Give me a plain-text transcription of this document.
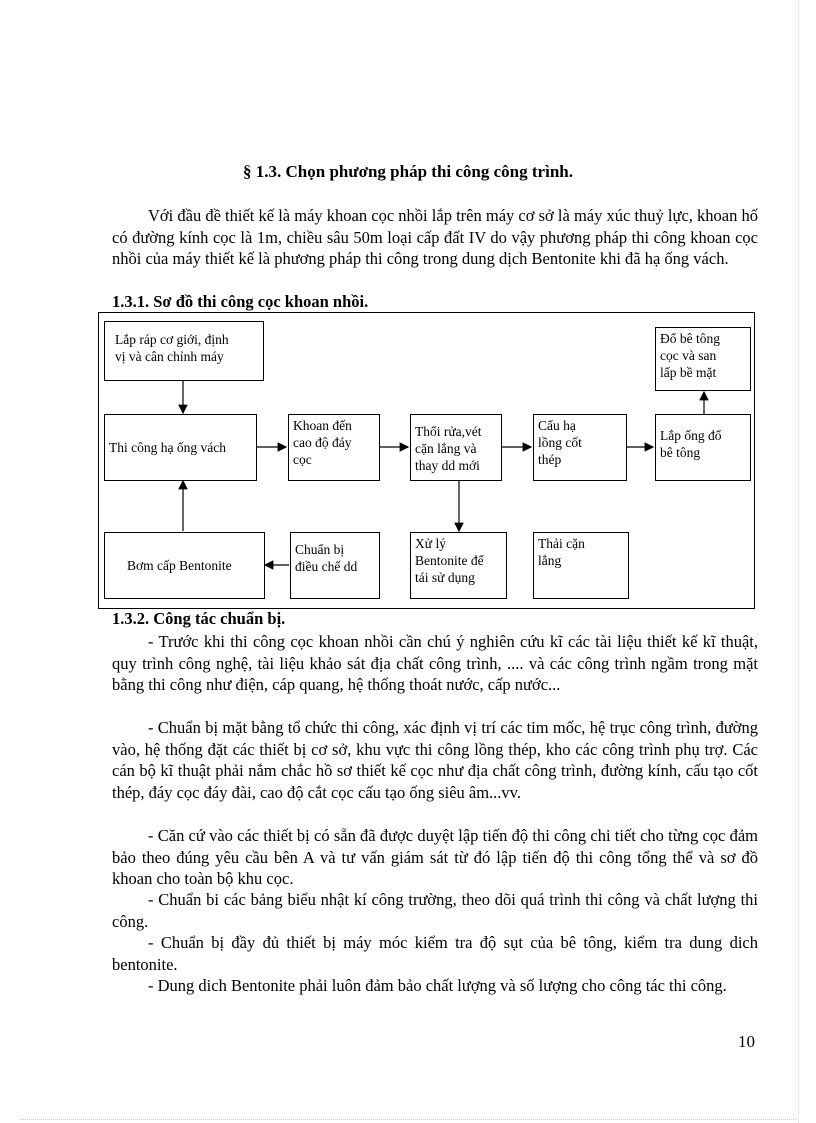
§ 1.3. Chọn phương pháp thi công công trình.
Với đầu đề thiết kế là máy khoan cọc nhồi lắp trên máy cơ sở là máy xúc thuỷ lực, khoan hố có đường kính cọc là 1m, chiều sâu 50m loại cấp đất IV do vậy phương pháp thi công khoan cọc nhồi của máy thiết kế là phương pháp thi công trong dung dịch Bentonite khi đã hạ ống vách.
1.3.1. Sơ đồ thi công cọc khoan nhồi.
Lắp ráp cơ giới, định
vị và cân chỉnh máy
Thi công hạ ống vách
Khoan đến
cao độ đáy
cọc
Thổi rửa,vét
cặn lắng và
thay dd mới
Cẩu hạ
lồng cốt
thép
Lắp ống đổ
bê tông
Đổ bê tông
cọc và san
lấp bề mặt
Bơm cấp Bentonite
Chuẩn bị
điều chế dd
Xử lý
Bentonite để
tái sử dụng
Thải cặn
lắng
1.3.2. Công tác chuẩn bị.
- Trước khi thi công cọc khoan nhồi cần chú ý nghiên cứu kĩ các tài liệu thiết kế kĩ thuật, quy trình công nghệ, tài liệu khảo sát địa chất công trình, .... và các công trình ngầm trong mặt bằng thi công như điện, cáp quang, hệ thống thoát nước, cấp nước...
- Chuẩn bị mặt bằng tổ chức thi công, xác định vị trí các tim mốc, hệ trục công trình, đường vào, hệ thống đặt các thiết bị cơ sở, khu vực thi công lồng thép, kho các công trình phụ trợ. Các cán bộ kĩ thuật phải nắm chắc hồ sơ thiết kế cọc như địa chất công trình, đường kính, cấu tạo cốt thép, đáy cọc đáy đài, cao độ cắt cọc cấu tạo ống siêu âm...vv.
- Căn cứ vào các thiết bị có sẵn đã được duyệt lập tiến độ thi công chi tiết cho từng cọc đảm bảo theo đúng yêu cầu bên A và tư vấn giám sát từ đó lập tiến độ thi công tổng thể và sơ đồ khoan cho toàn bộ khu cọc.
- Chuẩn bi các bảng biểu nhật kí công trường, theo dõi quá trình thi công và chất lượng thi công.
- Chuẩn bị đầy đủ thiết bị máy móc kiểm tra độ sụt của bê tông, kiểm tra dung dich bentonite.
- Dung dich Bentonite phải luôn đảm bảo chất lượng và số lượng cho công tác thi công.
10
